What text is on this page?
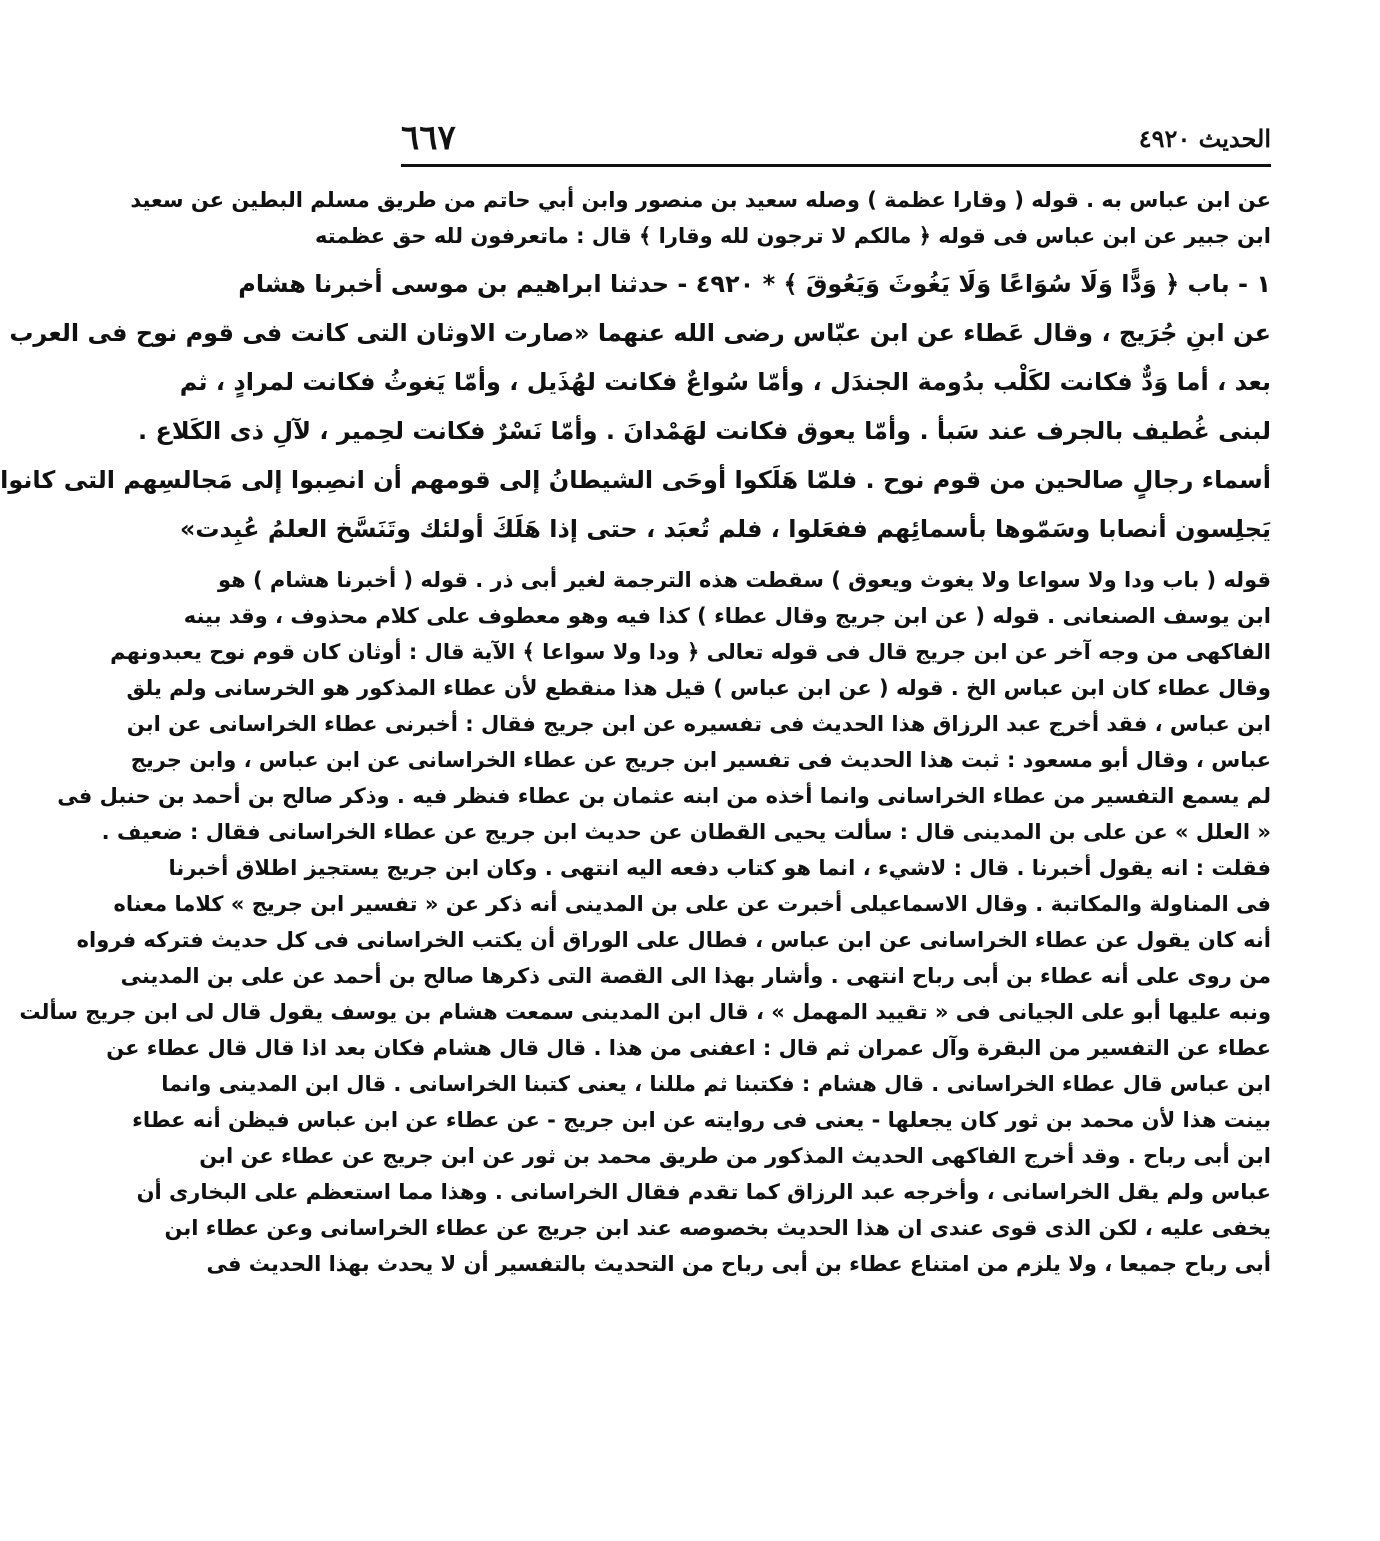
الحديث ٤٩٢٠
٦٦٧
عن ابن عباس به . قوله ( وقارا عظمة ) وصله سعيد بن منصور وابن أبي حاتم من طريق مسلم البطين عن سعيد
ابن جبير عن ابن عباس فى قوله ﴿ مالكم لا ترجون لله وقارا ﴾ قال : ماتعرفون لله حق عظمته
١ - باب ﴿ وَدًّا وَلَا سُوَاعًا وَلَا يَغُوثَ وَيَعُوقَ ﴾ * ٤٩٢٠ - حدثنا ابراهيم بن موسى أخبرنا هشام
عن ابنِ جُرَيج ، وقال عَطاء عن ابن عبّاس رضى الله عنهما «صارت الاوثان التى كانت فى قوم نوح فى العرب
بعد ، أما وَدٌّ فكانت لكَلْب بدُومة الجندَل ، وأمّا سُواعٌ فكانت لهُذَيل ، وأمّا يَغوثُ فكانت لمرادٍ ، ثم
لبنى غُطيف بالجرف عند سَبأ . وأمّا يعوق فكانت لهَمْدانَ . وأمّا نَسْرٌ فكانت لحِمير ، لآلِ ذى الكَلاع .
أسماء رجالٍ صالحين من قوم نوح . فلمّا هَلَكوا أوحَى الشيطانُ إلى قومهم أن انصِبوا إلى مَجالسِهم التى كانوا
يَجلِسون أنصابا وسَمّوها بأسمائِهم ففعَلوا ، فلم تُعبَد ، حتى إذا هَلَكَ أولئك وتَنَسَّخ العلمُ عُبِدت»
قوله ( باب ودا ولا سواعا ولا يغوث ويعوق ) سقطت هذه الترجمة لغير أبى ذر . قوله ( أخبرنا هشام ) هو
ابن يوسف الصنعانى . قوله ( عن ابن جريج وقال عطاء ) كذا فيه وهو معطوف على كلام محذوف ، وقد بينه
الفاكهى من وجه آخر عن ابن جريج قال فى قوله تعالى ﴿ ودا ولا سواعا ﴾ الآية قال : أوثان كان قوم نوح يعبدونهم
وقال عطاء كان ابن عباس الخ . قوله ( عن ابن عباس ) قيل هذا منقطع لأن عطاء المذكور هو الخرسانى ولم يلق
ابن عباس ، فقد أخرج عبد الرزاق هذا الحديث فى تفسيره عن ابن جريج فقال : أخبرنى عطاء الخراسانى عن ابن
عباس ، وقال أبو مسعود : ثبت هذا الحديث فى تفسير ابن جريج عن عطاء الخراسانى عن ابن عباس ، وابن جريج
لم يسمع التفسير من عطاء الخراسانى وانما أخذه من ابنه عثمان بن عطاء فنظر فيه . وذكر صالح بن أحمد بن حنبل فى
« العلل » عن على بن المدينى قال : سألت يحيى القطان عن حديث ابن جريج عن عطاء الخراسانى فقال : ضعيف .
فقلت : انه يقول أخبرنا . قال : لاشيء ، انما هو كتاب دفعه اليه انتهى . وكان ابن جريج يستجيز اطلاق أخبرنا
فى المناولة والمكاتبة . وقال الاسماعيلى أخبرت عن على بن المدينى أنه ذكر عن « تفسير ابن جريج » كلاما معناه
أنه كان يقول عن عطاء الخراسانى عن ابن عباس ، فطال على الوراق أن يكتب الخراسانى فى كل حديث فتركه فرواه
من روى على أنه عطاء بن أبى رباح انتهى . وأشار بهذا الى القصة التى ذكرها صالح بن أحمد عن على بن المدينى
ونبه عليها أبو على الجيانى فى « تقييد المهمل » ، قال ابن المدينى سمعت هشام بن يوسف يقول قال لى ابن جريج سألت
عطاء عن التفسير من البقرة وآل عمران ثم قال : اعفنى من هذا . قال قال هشام فكان بعد اذا قال قال عطاء عن
ابن عباس قال عطاء الخراسانى . قال هشام : فكتبنا ثم مللنا ، يعنى كتبنا الخراسانى . قال ابن المدينى وانما
بينت هذا لأن محمد بن ثور كان يجعلها - يعنى فى روايته عن ابن جريج - عن عطاء عن ابن عباس فيظن أنه عطاء
ابن أبى رباح . وقد أخرج الفاكهى الحديث المذكور من طريق محمد بن ثور عن ابن جريج عن عطاء عن ابن
عباس ولم يقل الخراسانى ، وأخرجه عبد الرزاق كما تقدم فقال الخراسانى . وهذا مما استعظم على البخارى أن
يخفى عليه ، لكن الذى قوى عندى ان هذا الحديث بخصوصه عند ابن جريج عن عطاء الخراسانى وعن عطاء ابن
أبى رباح جميعا ، ولا يلزم من امتناع عطاء بن أبى رباح من التحديث بالتفسير أن لا يحدث بهذا الحديث فى
